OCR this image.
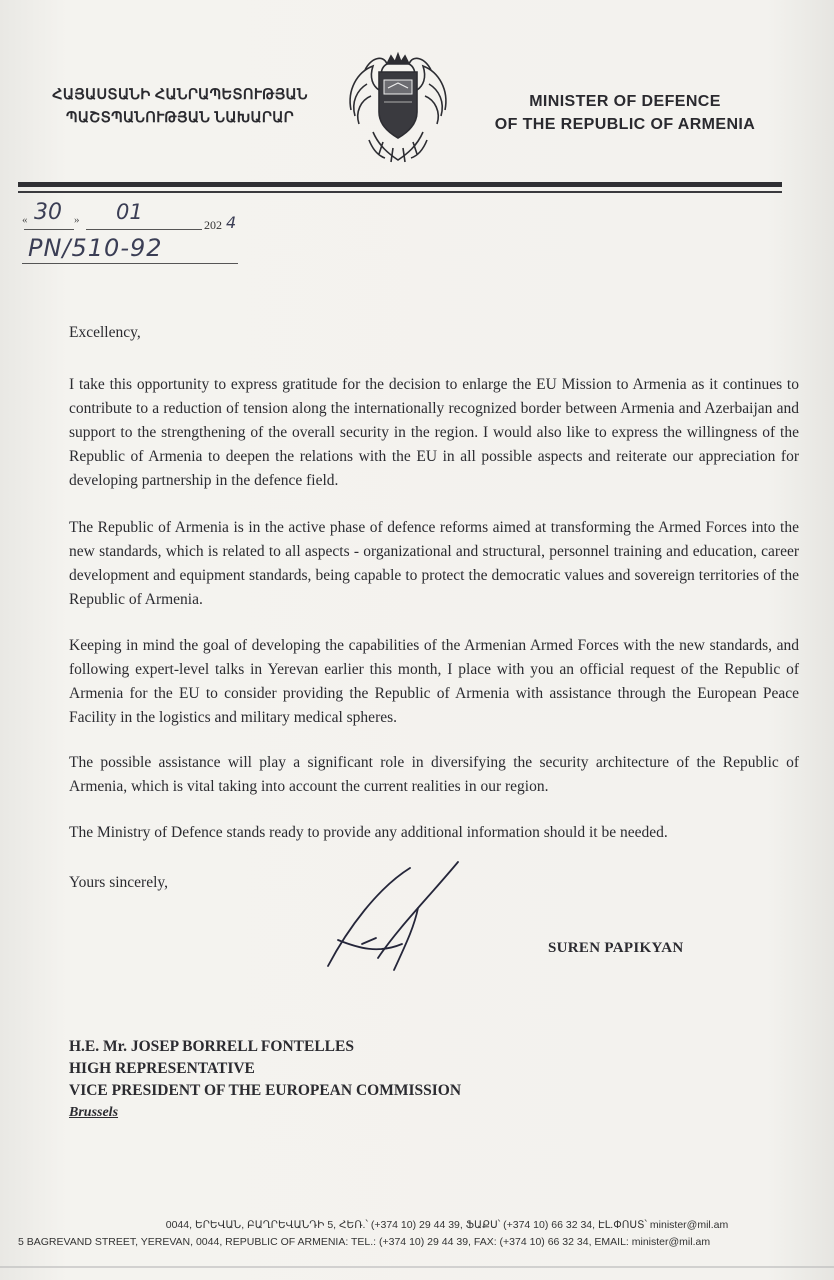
ՀԱՅԱՍՏԱՆԻ ՀԱՆՐԱՊԵՏՈՒԹՅԱՆ
ՊԱՇՏՊԱՆՈՒԹՅԱՆ ՆԱԽԱՐԱՐ
MINISTER OF DEFENCE
OF THE REPUBLIC OF ARMENIA
« 30 » 01
202 4
PN/510-92
Excellency,
I take this opportunity to express gratitude for the decision to enlarge the EU Mission to Armenia as it continues to contribute to a reduction of tension along the internationally recognized border between Armenia and Azerbaijan and support to the strengthening of the overall security in the region. I would also like to express the willingness of the Republic of Armenia to deepen the relations with the EU in all possible aspects and reiterate our appreciation for developing partnership in the defence field.
The Republic of Armenia is in the active phase of defence reforms aimed at transforming the Armed Forces into the new standards, which is related to all aspects - organizational and structural, personnel training and education, career development and equipment standards, being capable to protect the democratic values and sovereign territories of the Republic of Armenia.
Keeping in mind the goal of developing the capabilities of the Armenian Armed Forces with the new standards, and following expert-level talks in Yerevan earlier this month, I place with you an official request of the Republic of Armenia for the EU to consider providing the Republic of Armenia with assistance through the European Peace Facility in the logistics and military medical spheres.
The possible assistance will play a significant role in diversifying the security architecture of the Republic of Armenia, which is vital taking into account the current realities in our region.
The Ministry of Defence stands ready to provide any additional information should it be needed.
Yours sincerely,
SUREN PAPIKYAN
H.E. Mr. JOSEP BORRELL FONTELLES
HIGH REPRESENTATIVE
VICE PRESIDENT OF THE EUROPEAN COMMISSION
Brussels
0044, ԵՐԵՎԱՆ, ԲԱՂՐԵՎԱՆԴԻ 5, ՀԵՌ.՝ (+374 10) 29 44 39, ՖԱՔՍ՝ (+374 10) 66 32 34, ԷԼ.ՓՈՍՏ՝ minister@mil.am
5 BAGREVAND STREET, YEREVAN, 0044, REPUBLIC OF ARMENIA: TEL.: (+374 10) 29 44 39, FAX: (+374 10) 66 32 34, EMAIL: minister@mil.am
